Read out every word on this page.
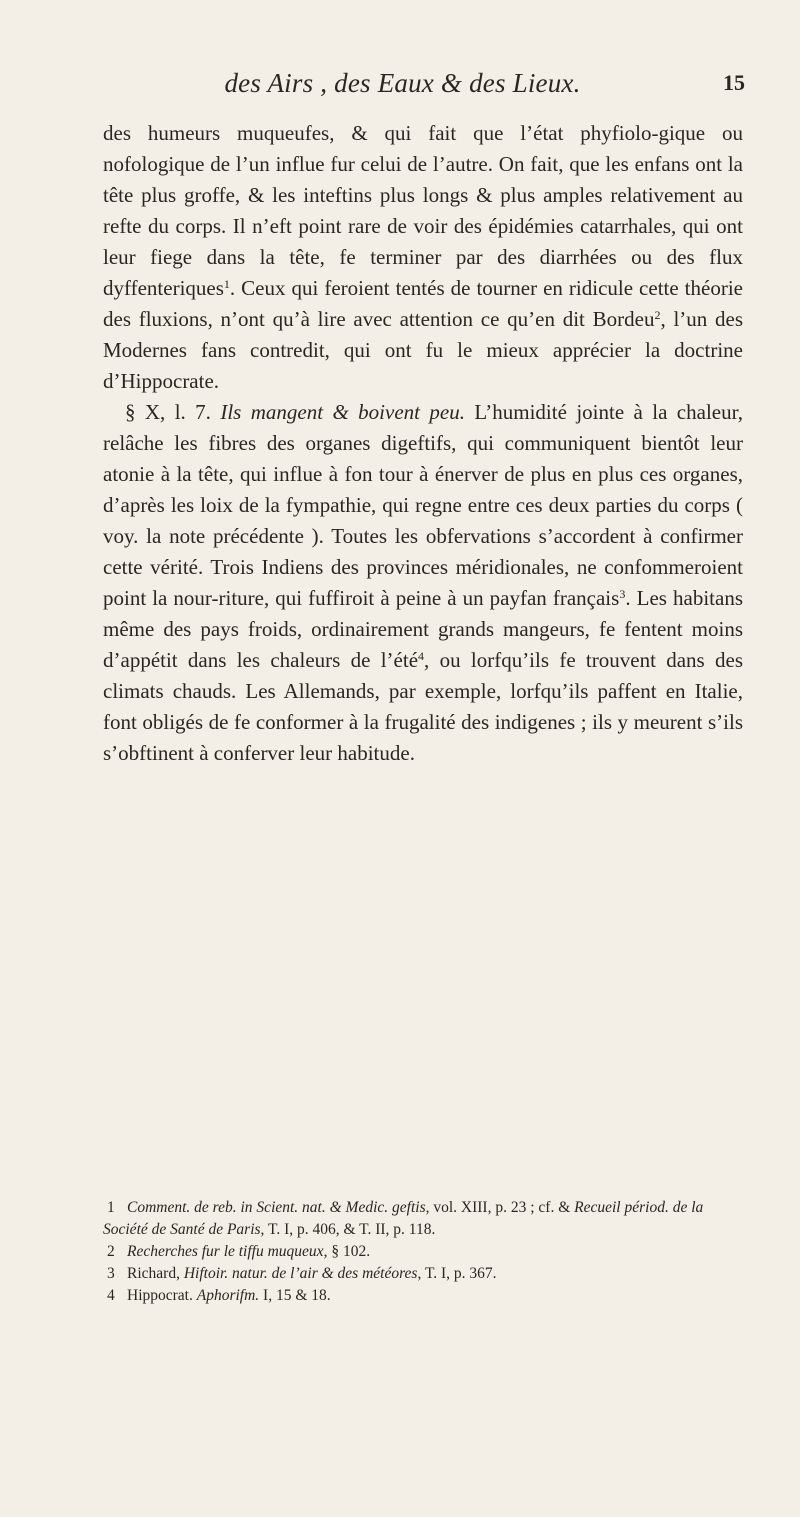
des Airs , des Eaux & des Lieux.	15

des humeurs muqueufes, & qui fait que l’état phyfiolo-gique ou nofologique de l’un influe fur celui de l’autre. On fait, que les enfans ont la tête plus groffe, & les inteftins plus longs & plus amples relativement au refte du corps. Il n’eft point rare de voir des épidémies catarrhales, qui ont leur fiege dans la tête, fe terminer par des diarrhées ou des flux dyffenteriques$^1$. Ceux qui feroient tentés de tourner en ridicule cette théorie des fluxions, n’ont qu’à lire avec attention ce qu’en dit Bordeu$^2$, l’un des Modernes fans contredit, qui ont fu le mieux apprécier la doctrine d’Hippocrate.

§ X, l. 7. Ils mangent & boivent peu. L’humidité jointe à la chaleur, relâche les fibres des organes digeftifs, qui communiquent bientôt leur atonie à la tête, qui influe à fon tour à énerver de plus en plus ces organes, d’après les loix de la fympathie, qui regne entre ces deux parties du corps ( voy. la note précédente ). Toutes les obfervations s’accordent à confirmer cette vérité. Trois Indiens des provinces méridionales, ne confommeroient point la nour-riture, qui fuffiroit à peine à un payfan français$^3$. Les habitans même des pays froids, ordinairement grands mangeurs, fe fentent moins d’appétit dans les chaleurs de l’été$^4$, ou lorfqu’ils fe trouvent dans des climats chauds. Les Allemands, par exemple, lorfqu’ils paffent en Italie, font obligés de fe conformer à la frugalité des indigenes ; ils y meurent s’ils s’obftinent à conferver leur habitude.

1 Comment. de reb. in Scient. nat. & Medic. geftis, vol. XIII, p. 23 ; cf. & Recueil périod. de la Société de Santé de Paris, T. I, p. 406, & T. II, p. 118.
2 Recherches fur le tiffu muqueux, § 102.
3 Richard, Hiftoir. natur. de l’air & des météores, T. I, p. 367.
4 Hippocrat. Aphorifm. I, 15 & 18.
